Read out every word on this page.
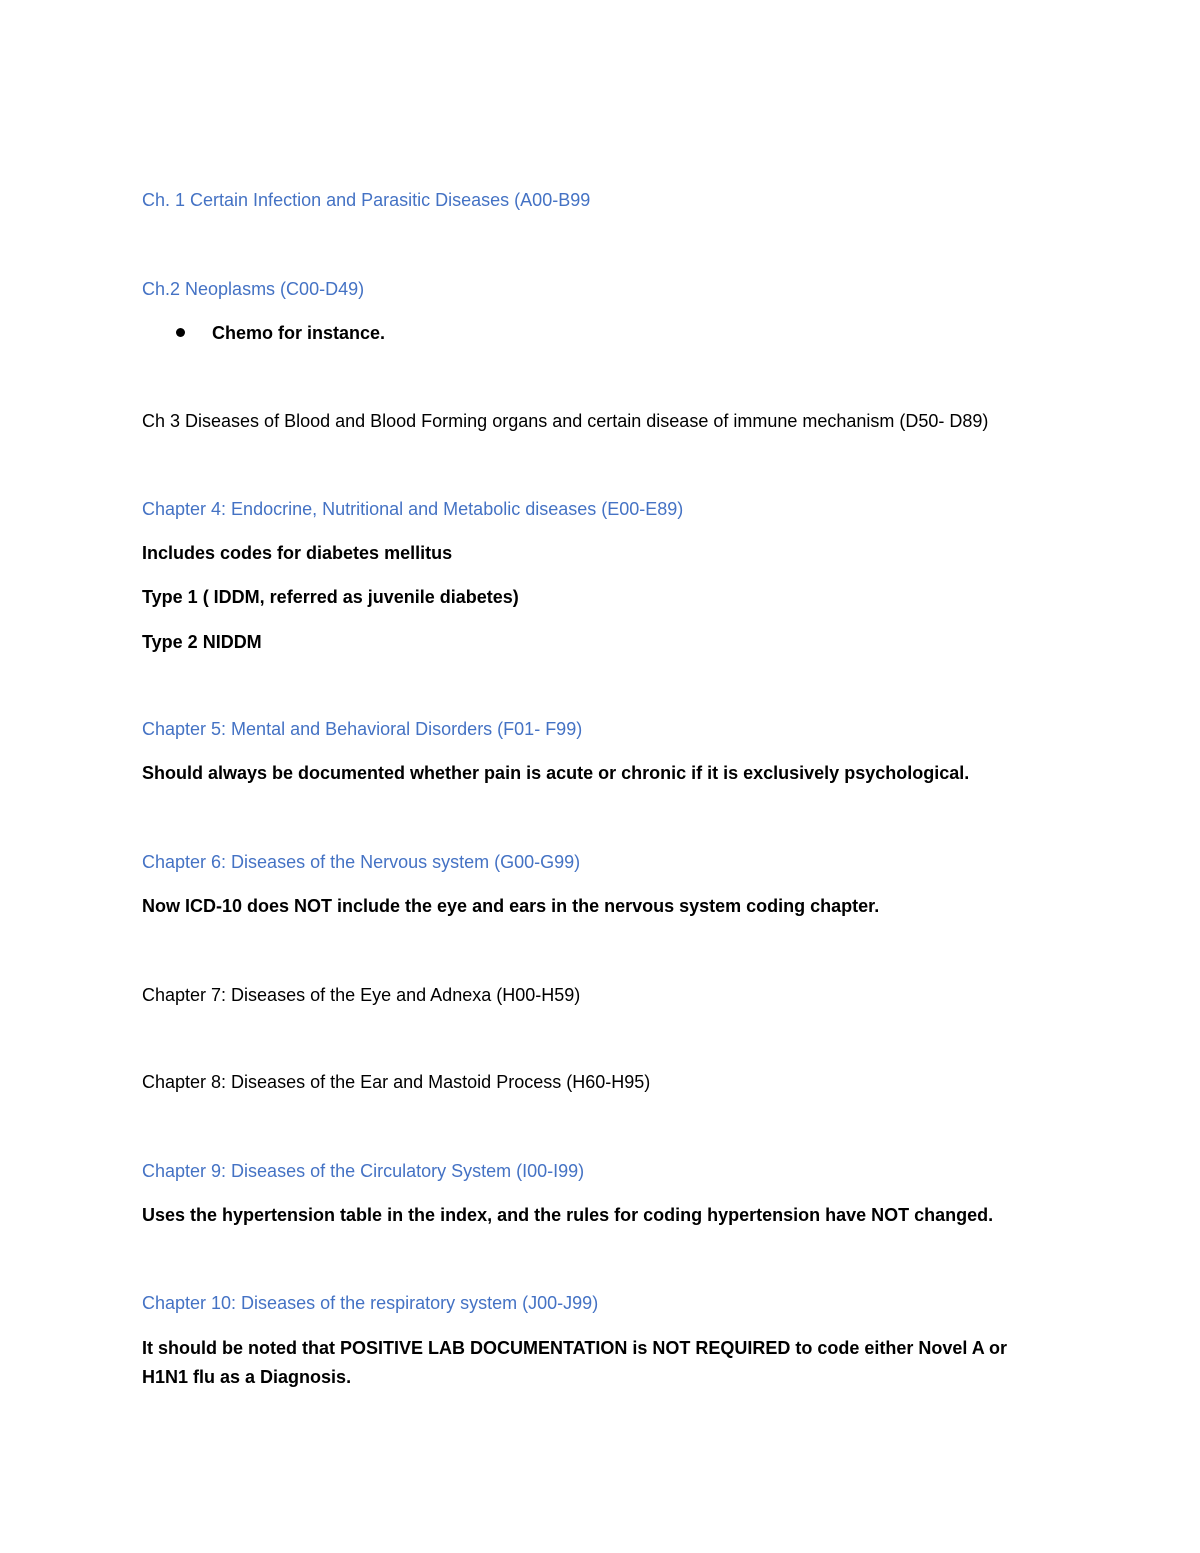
Ch. 1 Certain Infection and Parasitic Diseases (A00-B99
Ch.2 Neoplasms (C00-D49)
Chemo for instance.
Ch 3 Diseases of Blood and Blood Forming organs and certain disease of immune mechanism (D50- D89)
Chapter 4: Endocrine, Nutritional and Metabolic diseases (E00-E89)
Includes codes for diabetes mellitus
Type 1 ( IDDM, referred as juvenile diabetes)
Type 2 NIDDM
Chapter 5: Mental and Behavioral Disorders (F01- F99)
Should always be documented whether pain is acute or chronic if it is exclusively psychological.
Chapter 6: Diseases of the Nervous system (G00-G99)
Now ICD-10 does NOT include the eye and ears in the nervous system coding chapter.
Chapter 7: Diseases of the Eye and Adnexa (H00-H59)
Chapter 8: Diseases of the Ear and Mastoid Process (H60-H95)
Chapter 9: Diseases of the Circulatory System (I00-I99)
Uses the hypertension table in the index, and the rules for coding hypertension have NOT changed.
Chapter 10: Diseases of the respiratory system (J00-J99)
It should be noted that POSITIVE LAB DOCUMENTATION is NOT REQUIRED to code either Novel A or
H1N1 flu as a Diagnosis.
